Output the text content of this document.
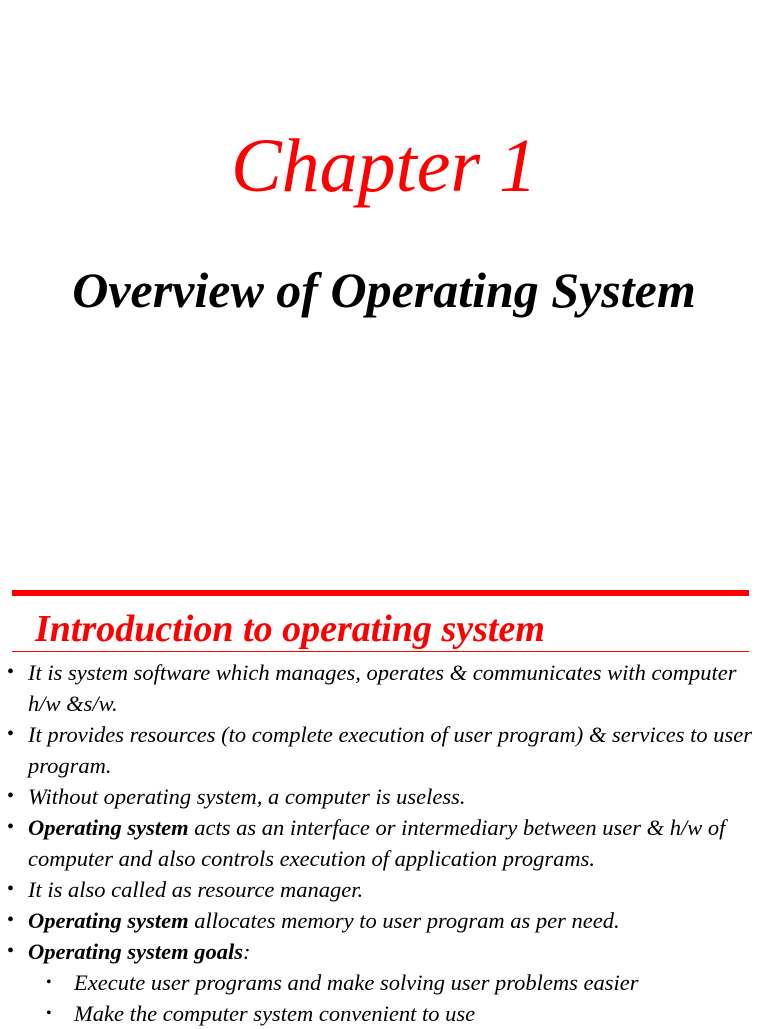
Chapter 1
Overview of Operating System
Introduction to operating system
• It is system software which manages, operates & communicates with computer h/w &s/w.
• It provides resources (to complete execution of user program) & services to user program.
• Without operating system, a computer is useless.
• Operating system acts as an interface or intermediary between user & h/w of computer and also controls execution of application programs.
• It is also called as resource manager.
• Operating system allocates memory to user program as per need.
• Operating system goals:
• Execute user programs and make solving user problems easier
• Make the computer system convenient to use
